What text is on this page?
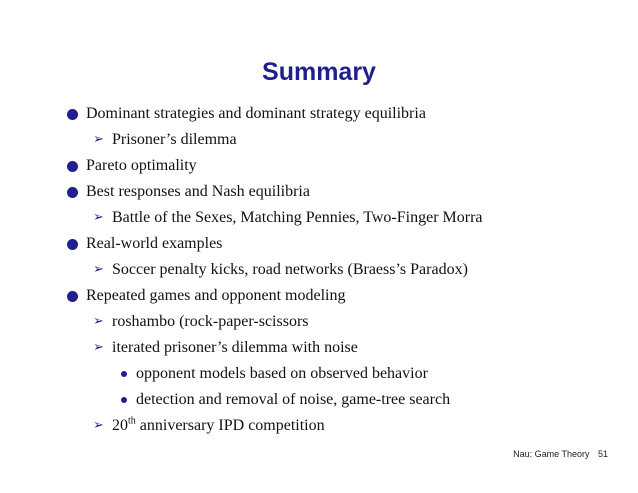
Summary
Dominant strategies and dominant strategy equilibria
➢ Prisoner’s dilemma
Pareto optimality
Best responses and Nash equilibria
➢ Battle of the Sexes, Matching Pennies, Two-Finger Morra
Real-world examples
➢ Soccer penalty kicks, road networks (Braess’s Paradox)
Repeated games and opponent modeling
➢ roshambo (rock-paper-scissors
➢ iterated prisoner’s dilemma with noise
opponent models based on observed behavior
detection and removal of noise, game-tree search
➢ 20th anniversary IPD competition
Nau: Game Theory 51
